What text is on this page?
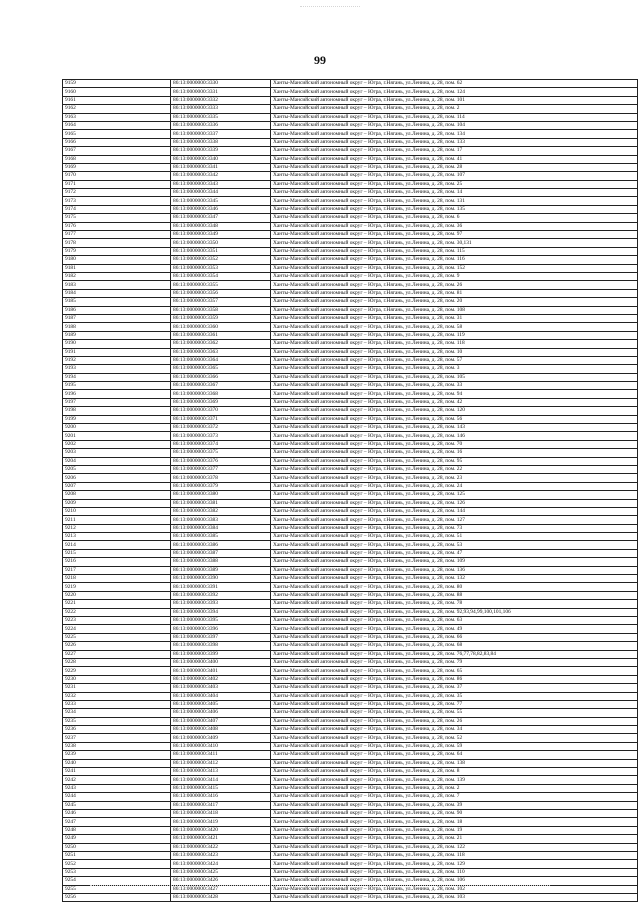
99
9159	86:13:0000000:3330	Ханты-Мансийский автономный округ – Югра, г.Нягань, ул.Ленина, д. 28, пом. 62
9160	86:13:0000000:3331	Ханты-Мансийский автономный округ – Югра, г.Нягань, ул.Ленина, д. 28, пом. 124
9161	86:13:0000000:3332	Ханты-Мансийский автономный округ – Югра, г.Нягань, ул.Ленина, д. 28, пом. 101
9162	86:13:0000000:3333	Ханты-Мансийский автономный округ – Югра, г.Нягань, ул.Ленина, д. 28, пом. 2
9163	86:13:0000000:3335	Ханты-Мансийский автономный округ – Югра, г.Нягань, ул.Ленина, д. 28, пом. 114
9164	86:13:0000000:3336	Ханты-Мансийский автономный округ – Югра, г.Нягань, ул.Ленина, д. 28, пом. 104
9165	86:13:0000000:3337	Ханты-Мансийский автономный округ – Югра, г.Нягань, ул.Ленина, д. 28, пом. 134
9166	86:13:0000000:3338	Ханты-Мансийский автономный округ – Югра, г.Нягань, ул.Ленина, д. 28, пом. 133
9167	86:13:0000000:3339	Ханты-Мансийский автономный округ – Югра, г.Нягань, ул.Ленина, д. 28, пом. 17
9168	86:13:0000000:3340	Ханты-Мансийский автономный округ – Югра, г.Нягань, ул.Ленина, д. 28, пом. 41
9169	86:13:0000000:3341	Ханты-Мансийский автономный округ – Югра, г.Нягань, ул.Ленина, д. 28, пом. 28
9170	86:13:0000000:3342	Ханты-Мансийский автономный округ – Югра, г.Нягань, ул.Ленина, д. 28, пом. 107
9171	86:13:0000000:3343	Ханты-Мансийский автономный округ – Югра, г.Нягань, ул.Ленина, д. 28, пом. 25
9172	86:13:0000000:3344	Ханты-Мансийский автономный округ – Югра, г.Нягань, ул.Ленина, д. 28, пом. 14
9173	86:13:0000000:3345	Ханты-Мансийский автономный округ – Югра, г.Нягань, ул.Ленина, д. 28, пом. 131
9174	86:13:0000000:3346	Ханты-Мансийский автономный округ – Югра, г.Нягань, ул.Ленина, д. 28, пом. 135
9175	86:13:0000000:3347	Ханты-Мансийский автономный округ – Югра, г.Нягань, ул.Ленина, д. 28, пом. 6
9176	86:13:0000000:3348	Ханты-Мансийский автономный округ – Югра, г.Нягань, ул.Ленина, д. 28, пом. 36
9177	86:13:0000000:3349	Ханты-Мансийский автономный округ – Югра, г.Нягань, ул.Ленина, д. 28, пом. 97
9178	86:13:0000000:3350	Ханты-Мансийский автономный округ – Югра, г.Нягань, ул.Ленина, д. 28, пом. 30,131
9179	86:13:0000000:3351	Ханты-Мансийский автономный округ – Югра, г.Нягань, ул.Ленина, д. 28, пом. 115
9180	86:13:0000000:3352	Ханты-Мансийский автономный округ – Югра, г.Нягань, ул.Ленина, д. 28, пом. 116
9181	86:13:0000000:3353	Ханты-Мансийский автономный округ – Югра, г.Нягань, ул.Ленина, д. 28, пом. 152
9182	86:13:0000000:3354	Ханты-Мансийский автономный округ – Югра, г.Нягань, ул.Ленина, д. 28, пом. 9
9183	86:13:0000000:3355	Ханты-Мансийский автономный округ – Югра, г.Нягань, ул.Ленина, д. 28, пом. 26
9184	86:13:0000000:3356	Ханты-Мансийский автономный округ – Югра, г.Нягань, ул.Ленина, д. 28, пом. 81
9185	86:13:0000000:3357	Ханты-Мансийский автономный округ – Югра, г.Нягань, ул.Ленина, д. 28, пом. 20
9186	86:13:0000000:3358	Ханты-Мансийский автономный округ – Югра, г.Нягань, ул.Ленина, д. 28, пом. 108
9187	86:13:0000000:3359	Ханты-Мансийский автономный округ – Югра, г.Нягань, ул.Ленина, д. 28, пом. 31
9188	86:13:0000000:3360	Ханты-Мансийский автономный округ – Югра, г.Нягань, ул.Ленина, д. 28, пом. 58
9189	86:13:0000000:3361	Ханты-Мансийский автономный округ – Югра, г.Нягань, ул.Ленина, д. 28, пом. 119
9190	86:13:0000000:3362	Ханты-Мансийский автономный округ – Югра, г.Нягань, ул.Ленина, д. 28, пом. 118
9191	86:13:0000000:3363	Ханты-Мансийский автономный округ – Югра, г.Нягань, ул.Ленина, д. 28, пом. 10
9192	86:13:0000000:3364	Ханты-Мансийский автономный округ – Югра, г.Нягань, ул.Ленина, д. 28, пом. 57
9193	86:13:0000000:3365	Ханты-Мансийский автономный округ – Югра, г.Нягань, ул.Ленина, д. 28, пом. 3
9194	86:13:0000000:3366	Ханты-Мансийский автономный округ – Югра, г.Нягань, ул.Ленина, д. 28, пом. 105
9195	86:13:0000000:3367	Ханты-Мансийский автономный округ – Югра, г.Нягань, ул.Ленина, д. 28, пом. 33
9196	86:13:0000000:3368	Ханты-Мансийский автономный округ – Югра, г.Нягань, ул.Ленина, д. 28, пом. 94
9197	86:13:0000000:3369	Ханты-Мансийский автономный округ – Югра, г.Нягань, ул.Ленина, д. 28, пом. 42
9198	86:13:0000000:3370	Ханты-Мансийский автономный округ – Югра, г.Нягань, ул.Ленина, д. 28, пом. 120
9199	86:13:0000000:3371	Ханты-Мансийский автономный округ – Югра, г.Нягань, ул.Ленина, д. 28, пом. 56
9200	86:13:0000000:3372	Ханты-Мансийский автономный округ – Югра, г.Нягань, ул.Ленина, д. 28, пом. 143
9201	86:13:0000000:3373	Ханты-Мансийский автономный округ – Югра, г.Нягань, ул.Ленина, д. 28, пом. 146
9202	86:13:0000000:3374	Ханты-Мансийский автономный округ – Югра, г.Нягань, ул.Ленина, д. 28, пом. 70
9203	86:13:0000000:3375	Ханты-Мансийский автономный округ – Югра, г.Нягань, ул.Ленина, д. 28, пом. 16
9204	86:13:0000000:3376	Ханты-Мансийский автономный округ – Югра, г.Нягань, ул.Ленина, д. 28, пом. 95
9205	86:13:0000000:3377	Ханты-Мансийский автономный округ – Югра, г.Нягань, ул.Ленина, д. 28, пом. 22
9206	86:13:0000000:3378	Ханты-Мансийский автономный округ – Югра, г.Нягань, ул.Ленина, д. 28, пом. 23
9207	86:13:0000000:3379	Ханты-Мансийский автономный округ – Югра, г.Нягань, ул.Ленина, д. 28, пом. 24
9208	86:13:0000000:3380	Ханты-Мансийский автономный округ – Югра, г.Нягань, ул.Ленина, д. 28, пом. 125
9209	86:13:0000000:3381	Ханты-Мансийский автономный округ – Югра, г.Нягань, ул.Ленина, д. 28, пом. 126
9210	86:13:0000000:3382	Ханты-Мансийский автономный округ – Югра, г.Нягань, ул.Ленина, д. 28, пом. 144
9211	86:13:0000000:3383	Ханты-Мансийский автономный округ – Югра, г.Нягань, ул.Ленина, д. 28, пом. 127
9212	86:13:0000000:3384	Ханты-Мансийский автономный округ – Югра, г.Нягань, ул.Ленина, д. 28, пом. 73
9213	86:13:0000000:3385	Ханты-Мансийский автономный округ – Югра, г.Нягань, ул.Ленина, д. 28, пом. 51
9214	86:13:0000000:3386	Ханты-Мансийский автономный округ – Югра, г.Нягань, ул.Ленина, д. 28, пом. 53
9215	86:13:0000000:3387	Ханты-Мансийский автономный округ – Югра, г.Нягань, ул.Ленина, д. 28, пом. 47
9216	86:13:0000000:3388	Ханты-Мансийский автономный округ – Югра, г.Нягань, ул.Ленина, д. 28, пом. 109
9217	86:13:0000000:3389	Ханты-Мансийский автономный округ – Югра, г.Нягань, ул.Ленина, д. 28, пом. 136
9218	86:13:0000000:3390	Ханты-Мансийский автономный округ – Югра, г.Нягань, ул.Ленина, д. 28, пом. 132
9219	86:13:0000000:3391	Ханты-Мансийский автономный округ – Югра, г.Нягань, ул.Ленина, д. 28, пом. 80
9220	86:13:0000000:3392	Ханты-Мансийский автономный округ – Югра, г.Нягань, ул.Ленина, д. 28, пом. 88
9221	86:13:0000000:3393	Ханты-Мансийский автономный округ – Югра, г.Нягань, ул.Ленина, д. 28, пом. 78
9222	86:13:0000000:3394	Ханты-Мансийский автономный округ – Югра, г.Нягань, ул.Ленина, д. 28, пом. 92,93,94,99,100,101,106
9223	86:13:0000000:3395	Ханты-Мансийский автономный округ – Югра, г.Нягань, ул.Ленина, д. 28, пом. 63
9224	86:13:0000000:3396	Ханты-Мансийский автономный округ – Югра, г.Нягань, ул.Ленина, д. 28, пом. 49
9225	86:13:0000000:3397	Ханты-Мансийский автономный округ – Югра, г.Нягань, ул.Ленина, д. 28, пом. 66
9226	86:13:0000000:3398	Ханты-Мансийский автономный округ – Югра, г.Нягань, ул.Ленина, д. 28, пом. 68
9227	86:13:0000000:3399	Ханты-Мансийский автономный округ – Югра, г.Нягань, ул.Ленина, д. 28, пом. 76,77,78,82,83,84
9228	86:13:0000000:3400	Ханты-Мансийский автономный округ – Югра, г.Нягань, ул.Ленина, д. 28, пом. 79
9229	86:13:0000000:3401	Ханты-Мансийский автономный округ – Югра, г.Нягань, ул.Ленина, д. 28, пом. 65
9230	86:13:0000000:3402	Ханты-Мансийский автономный округ – Югра, г.Нягань, ул.Ленина, д. 28, пом. 86
9231	86:13:0000000:3403	Ханты-Мансийский автономный округ – Югра, г.Нягань, ул.Ленина, д. 28, пом. 37
9232	86:13:0000000:3404	Ханты-Мансийский автономный округ – Югра, г.Нягань, ул.Ленина, д. 28, пом. 35
9233	86:13:0000000:3405	Ханты-Мансийский автономный округ – Югра, г.Нягань, ул.Ленина, д. 28, пом. 77
9234	86:13:0000000:3406	Ханты-Мансийский автономный округ – Югра, г.Нягань, ул.Ленина, д. 28, пом. 55
9235	86:13:0000000:3407	Ханты-Мансийский автономный округ – Югра, г.Нягань, ул.Ленина, д. 28, пом. 26
9236	86:13:0000000:3408	Ханты-Мансийский автономный округ – Югра, г.Нягань, ул.Ленина, д. 28, пом. 34
9237	86:13:0000000:3409	Ханты-Мансийский автономный округ – Югра, г.Нягань, ул.Ленина, д. 28, пом. 52
9238	86:13:0000000:3410	Ханты-Мансийский автономный округ – Югра, г.Нягань, ул.Ленина, д. 28, пом. 59
9239	86:13:0000000:3411	Ханты-Мансийский автономный округ – Югра, г.Нягань, ул.Ленина, д. 28, пом. 64
9240	86:13:0000000:3412	Ханты-Мансийский автономный округ – Югра, г.Нягань, ул.Ленина, д. 28, пом. 138
9241	86:13:0000000:3413	Ханты-Мансийский автономный округ – Югра, г.Нягань, ул.Ленина, д. 28, пом. 8
9242	86:13:0000000:3414	Ханты-Мансийский автономный округ – Югра, г.Нягань, ул.Ленина, д. 28, пом. 139
9243	86:13:0000000:3415	Ханты-Мансийский автономный округ – Югра, г.Нягань, ул.Ленина, д. 28, пом. 2
9244	86:13:0000000:3416	Ханты-Мансийский автономный округ – Югра, г.Нягань, ул.Ленина, д. 28, пом. 7
9245	86:13:0000000:3417	Ханты-Мансийский автономный округ – Югра, г.Нягань, ул.Ленина, д. 28, пом. 39
9246	86:13:0000000:3418	Ханты-Мансийский автономный округ – Югра, г.Нягань, ул.Ленина, д. 28, пом. 90
9247	86:13:0000000:3419	Ханты-Мансийский автономный округ – Югра, г.Нягань, ул.Ленина, д. 28, пом. 18
9248	86:13:0000000:3420	Ханты-Мансийский автономный округ – Югра, г.Нягань, ул.Ленина, д. 28, пом. 19
9249	86:13:0000000:3421	Ханты-Мансийский автономный округ – Югра, г.Нягань, ул.Ленина, д. 28, пом. 21
9250	86:13:0000000:3422	Ханты-Мансийский автономный округ – Югра, г.Нягань, ул.Ленина, д. 28, пом. 122
9251	86:13:0000000:3423	Ханты-Мансийский автономный округ – Югра, г.Нягань, ул.Ленина, д. 28, пом. 118
9252	86:13:0000000:3424	Ханты-Мансийский автономный округ – Югра, г.Нягань, ул.Ленина, д. 28, пом. 129
9253	86:13:0000000:3425	Ханты-Мансийский автономный округ – Югра, г.Нягань, ул.Ленина, д. 28, пом. 110
9254	86:13:0000000:3426	Ханты-Мансийский автономный округ – Югра, г.Нягань, ул.Ленина, д. 28, пом. 106
9255	86:13:0000000:3427	Ханты-Мансийский автономный округ – Югра, г.Нягань, ул.Ленина, д. 28, пом. 102
9256	86:13:0000000:3428	Ханты-Мансийский автономный округ – Югра, г.Нягань, ул.Ленина, д. 28, пом. 103
